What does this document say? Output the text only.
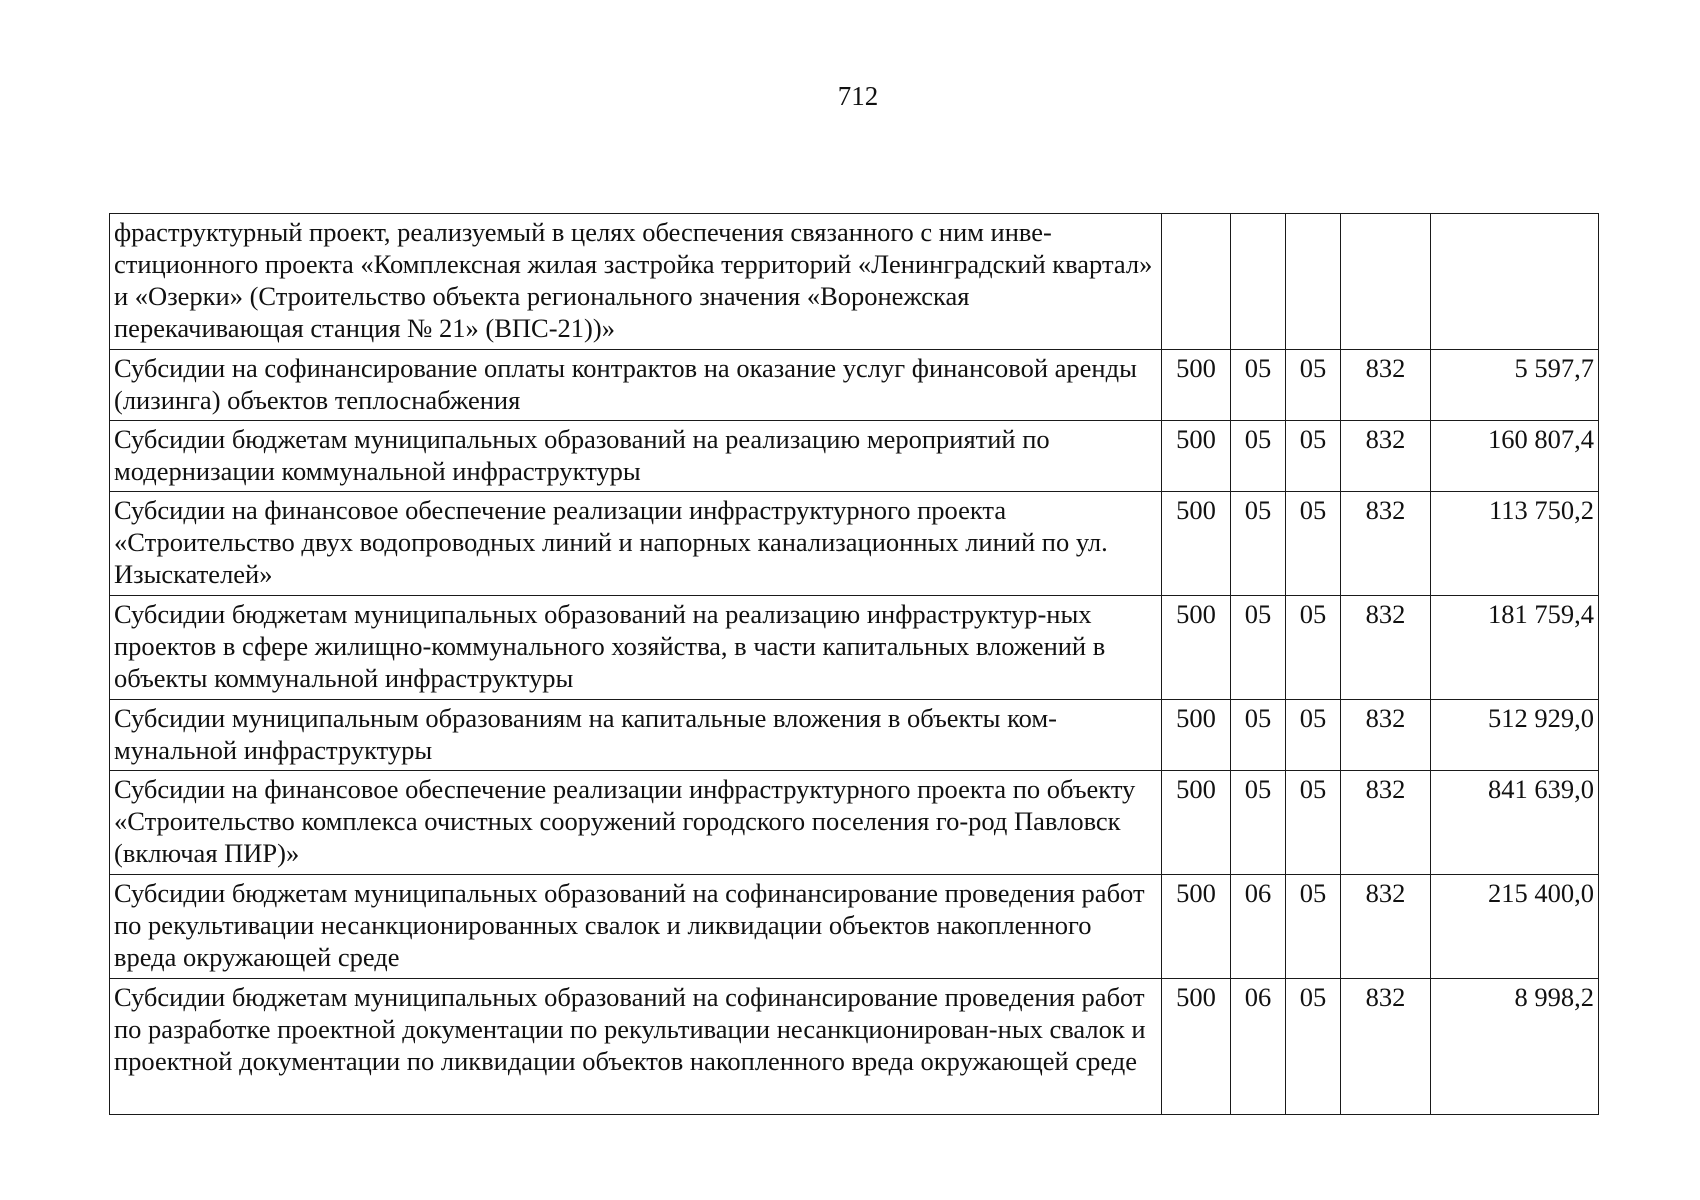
712
фраструктурный проект, реализуемый в целях обеспечения связанного с ним инве-стиционного проекта «Комплексная жилая застройка территорий «Ленинградский квартал» и «Озерки» (Строительство объекта регионального значения «Воронежская перекачивающая станция № 21» (ВПС-21))»					
Субсидии на софинансирование оплаты контрактов на оказание услуг финансовой аренды (лизинга) объектов теплоснабжения	500	05	05	832	5 597,7
Субсидии бюджетам муниципальных образований на реализацию мероприятий по модернизации коммунальной инфраструктуры	500	05	05	832	160 807,4
Субсидии на финансовое обеспечение реализации инфраструктурного проекта «Строительство двух водопроводных линий и напорных канализационных линий по ул. Изыскателей»	500	05	05	832	113 750,2
Субсидии бюджетам муниципальных образований на реализацию инфраструктур-ных проектов в сфере жилищно-коммунального хозяйства, в части капитальных вложений в объекты коммунальной инфраструктуры	500	05	05	832	181 759,4
Субсидии муниципальным образованиям на капитальные вложения в объекты ком-мунальной инфраструктуры	500	05	05	832	512 929,0
Субсидии на финансовое обеспечение реализации инфраструктурного проекта по объекту «Строительство комплекса очистных сооружений городского поселения го-род Павловск (включая ПИР)»	500	05	05	832	841 639,0
Субсидии бюджетам муниципальных образований на софинансирование проведения работ по рекультивации несанкционированных свалок и ликвидации объектов накопленного вреда окружающей среде	500	06	05	832	215 400,0
Субсидии бюджетам муниципальных образований на софинансирование проведения работ по разработке проектной документации по рекультивации несанкционирован-ных свалок и проектной документации по ликвидации объектов накопленного вреда окружающей среде	500	06	05	832	8 998,2
